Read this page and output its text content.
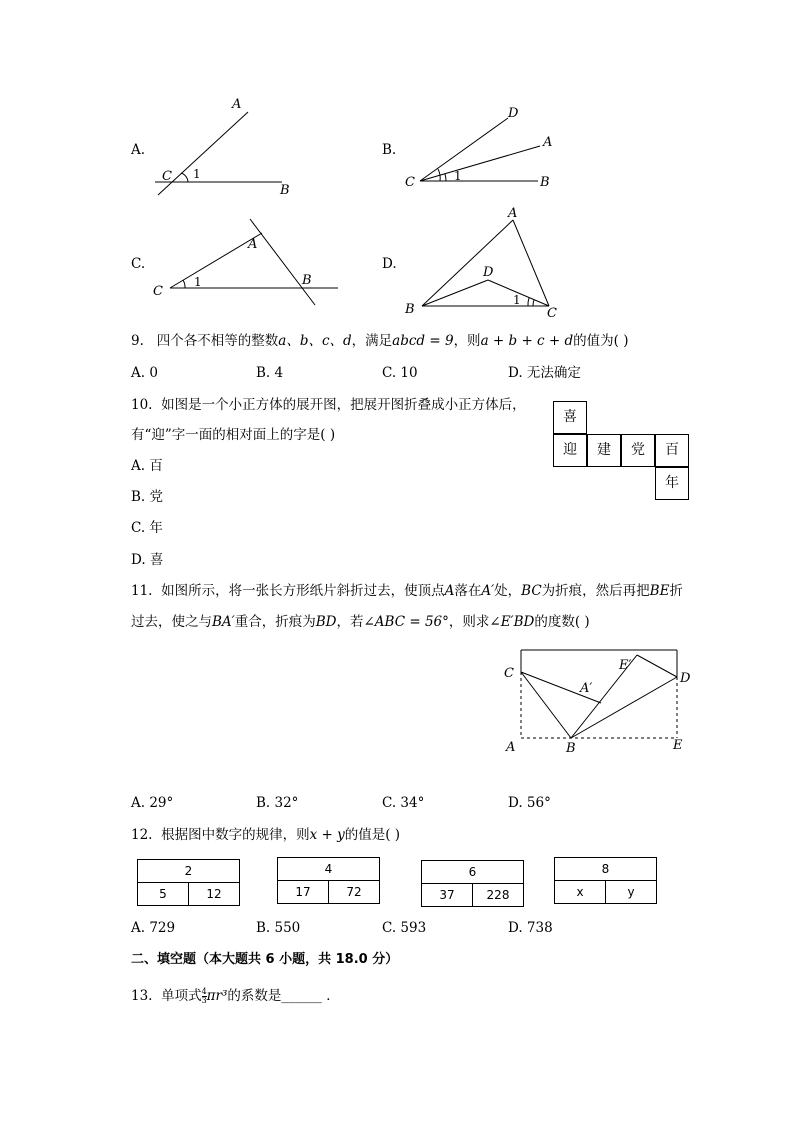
A.
A
C 1
B
D
A
C	1	B
A
C
1	B
A
D
B
1
C
B.
C.	D.
9. 四个各不相等的整数a、b、c、d，满足abcd = 9，则a + b + c + d的值为( )
A. 0	B. 4	C. 10	D. 无法确定
10. 如图是一个小正方体的展开图，把展开图折叠成小正方体后，
有“迎”字一面的相对面上的字是( )
A. 百
B. 党
C. 年
D. 喜
喜
迎	建	党	百
年
11. 如图所示，将一张长方形纸片斜折过去，使顶点A落在A′处，BC为折痕，然后再把BE折
过去，使之与BA′重合，折痕为BD，若∠ABC = 56°，则求∠E′BD的度数( )
C
A′
E′
D
A	B	E
A. 29°	B. 32°	C. 34°	D. 56°
12. 根据图中数字的规律，则x + y的值是( )
2
5	12
4
17	72
6
37	228
8
x	y
A. 729	B. 550	C. 593	D. 738
二、填空题（本大题共 6 小题，共 18.0 分）
13. 单项式 $\frac{4}{3} \pi r^3$的系数是______ ．
